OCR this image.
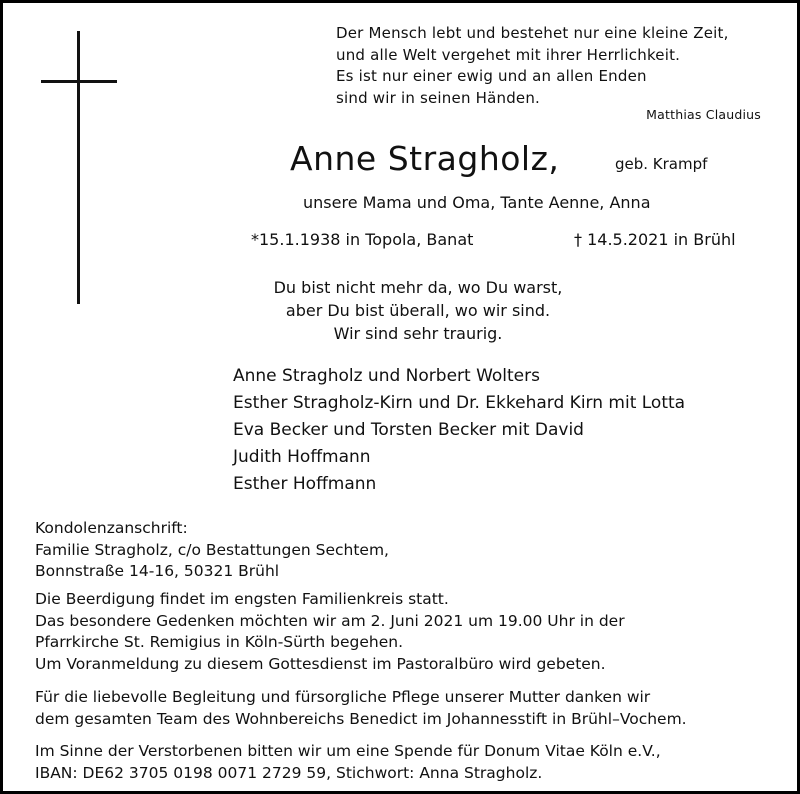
Der Mensch lebt und bestehet nur eine kleine Zeit,
und alle Welt vergehet mit ihrer Herrlichkeit.
Es ist nur einer ewig und an allen Enden
sind wir in seinen Händen.
Matthias Claudius
Anne Stragholz,	geb. Krampf
unsere Mama und Oma, Tante Aenne, Anna
*15.1.1938 in Topola, Banat	† 14.5.2021 in Brühl
Du bist nicht mehr da, wo Du warst,
aber Du bist überall, wo wir sind.
Wir sind sehr traurig.
Anne Stragholz und Norbert Wolters
Esther Stragholz-Kirn und Dr. Ekkehard Kirn mit Lotta
Eva Becker und Torsten Becker mit David
Judith Hoffmann
Esther Hoffmann
Kondolenzanschrift:
Familie Stragholz, c/o Bestattungen Sechtem,
Bonnstraße 14-16, 50321 Brühl
Die Beerdigung findet im engsten Familienkreis statt.
Das besondere Gedenken möchten wir am 2. Juni 2021 um 19.00 Uhr in der
Pfarrkirche St. Remigius in Köln-Sürth begehen.
Um Voranmeldung zu diesem Gottesdienst im Pastoralbüro wird gebeten.
Für die liebevolle Begleitung und fürsorgliche Pflege unserer Mutter danken wir
dem gesamten Team des Wohnbereichs Benedict im Johannesstift in Brühl–Vochem.
Im Sinne der Verstorbenen bitten wir um eine Spende für Donum Vitae Köln e.V.,
IBAN: DE62 3705 0198 0071 2729 59, Stichwort: Anna Stragholz.
